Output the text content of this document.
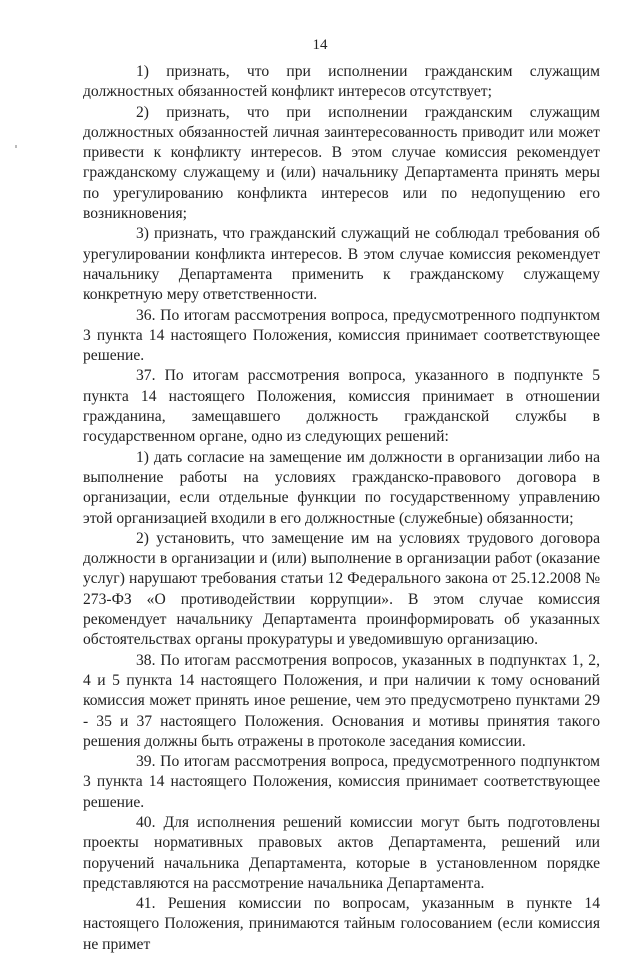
14

1) признать, что при исполнении гражданским служащим должностных обязанностей конфликт интересов отсутствует;

2) признать, что при исполнении гражданским служащим должностных обязанностей личная заинтересованность приводит или может привести к конфликту интересов. В этом случае комиссия рекомендует гражданскому служащему и (или) начальнику Департамента принять меры по урегулированию конфликта интересов или по недопущению его возникновения;

3) признать, что гражданский служащий не соблюдал требования об урегулировании конфликта интересов. В этом случае комиссия рекомендует начальнику Департамента применить к гражданскому служащему конкретную меру ответственности.

36. По итогам рассмотрения вопроса, предусмотренного подпунктом 3 пункта 14 настоящего Положения, комиссия принимает соответствующее решение.

37. По итогам рассмотрения вопроса, указанного в подпункте 5 пункта 14 настоящего Положения, комиссия принимает в отношении гражданина, замещавшего должность гражданской службы в государственном органе, одно из следующих решений:

1) дать согласие на замещение им должности в организации либо на выполнение работы на условиях гражданско-правового договора в организации, если отдельные функции по государственному управлению этой организацией входили в его должностные (служебные) обязанности;

2) установить, что замещение им на условиях трудового договора должности в организации и (или) выполнение в организации работ (оказание услуг) нарушают требования статьи 12 Федерального закона от 25.12.2008 № 273-ФЗ «О противодействии коррупции». В этом случае комиссия рекомендует начальнику Департамента проинформировать об указанных обстоятельствах органы прокуратуры и уведомившую организацию.

38. По итогам рассмотрения вопросов, указанных в подпунктах 1, 2, 4 и 5 пункта 14 настоящего Положения, и при наличии к тому оснований комиссия может принять иное решение, чем это предусмотрено пунктами 29 - 35 и 37 настоящего Положения. Основания и мотивы принятия такого решения должны быть отражены в протоколе заседания комиссии.

39. По итогам рассмотрения вопроса, предусмотренного подпунктом 3 пункта 14 настоящего Положения, комиссия принимает соответствующее решение.

40. Для исполнения решений комиссии могут быть подготовлены проекты нормативных правовых актов Департамента, решений или поручений начальника Департамента, которые в установленном порядке представляются на рассмотрение начальника Департамента.

41. Решения комиссии по вопросам, указанным в пункте 14 настоящего Положения, принимаются тайным голосованием (если комиссия не примет
